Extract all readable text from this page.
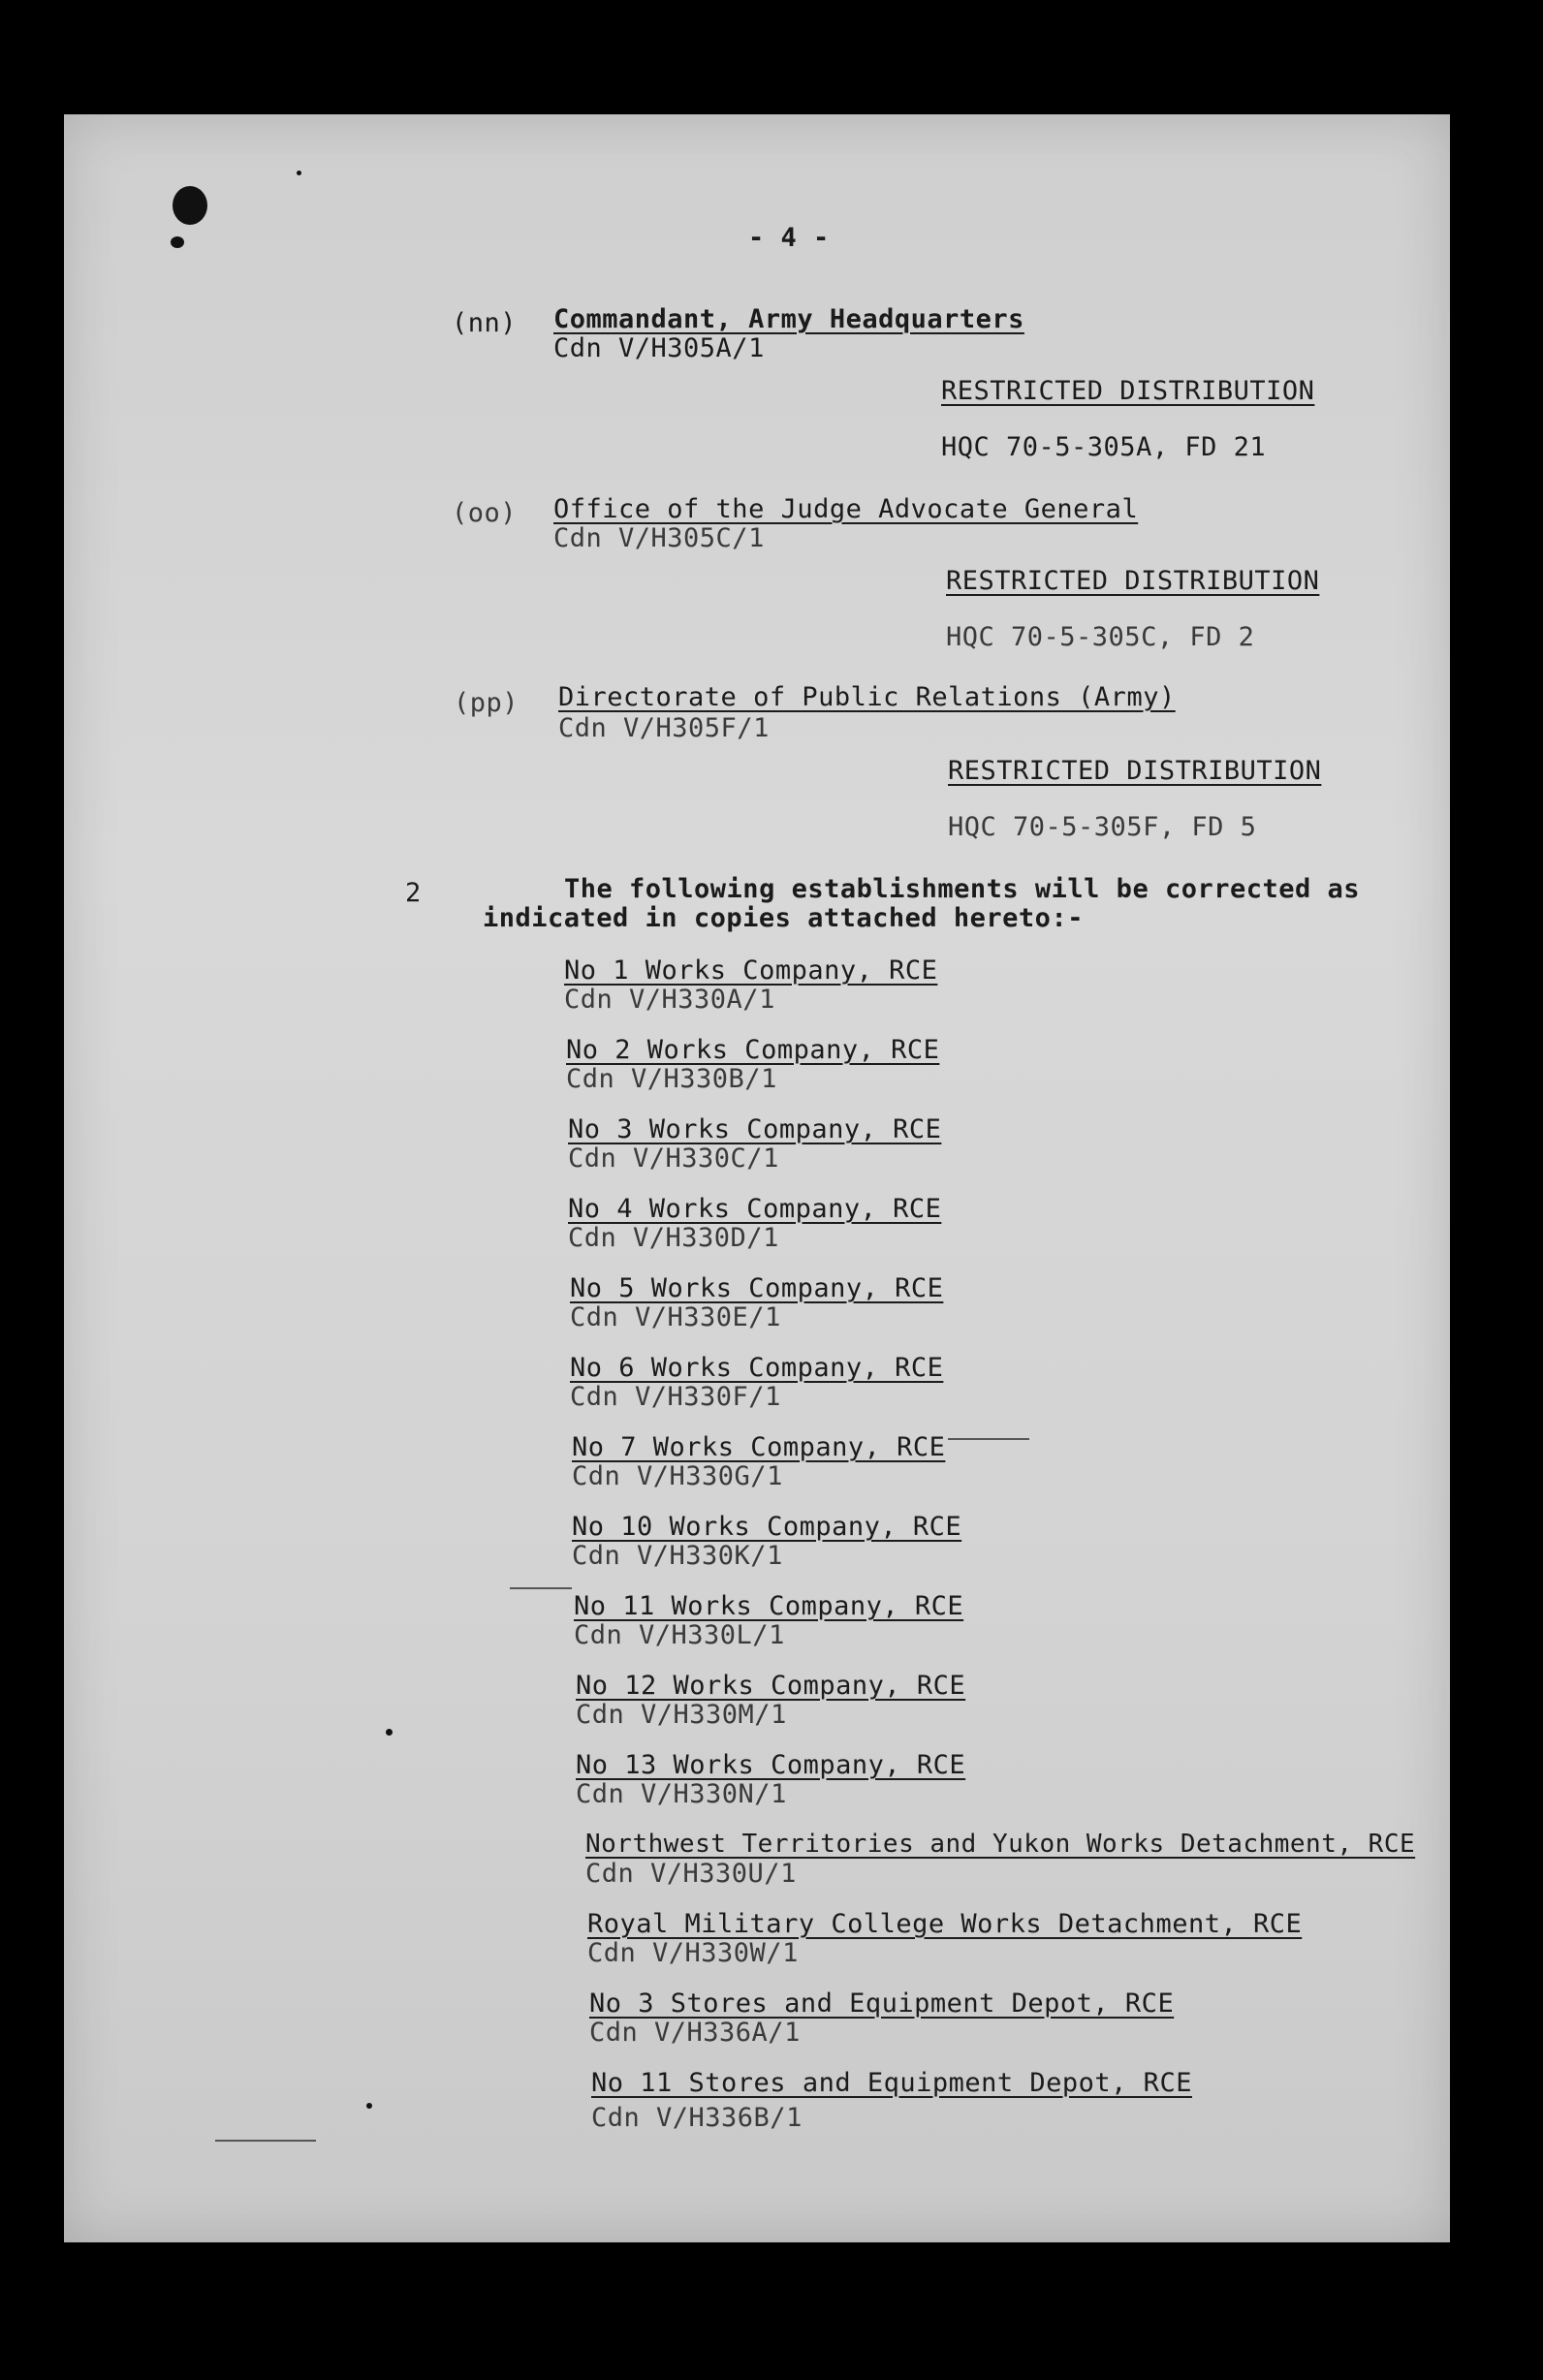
- 4 -
(nn) Commandant, Army Headquarters
Cdn V/H305A/1
RESTRICTED DISTRIBUTION
HQC 70-5-305A, FD 21
(oo) Office of the Judge Advocate General
Cdn V/H305C/1
RESTRICTED DISTRIBUTION
HQC 70-5-305C, FD 2
(pp) Directorate of Public Relations (Army)
Cdn V/H305F/1
RESTRICTED DISTRIBUTION
HQC 70-5-305F, FD 5
2	The following establishments will be corrected as
indicated in copies attached hereto:-
No 1 Works Company, RCE
Cdn V/H330A/1
No 2 Works Company, RCE
Cdn V/H330B/1
No 3 Works Company, RCE
Cdn V/H330C/1
No 4 Works Company, RCE
Cdn V/H330D/1
No 5 Works Company, RCE
Cdn V/H330E/1
No 6 Works Company, RCE
Cdn V/H330F/1
No 7 Works Company, RCE
Cdn V/H330G/1
No 10 Works Company, RCE
Cdn V/H330K/1
No 11 Works Company, RCE
Cdn V/H330L/1
No 12 Works Company, RCE
Cdn V/H330M/1
No 13 Works Company, RCE
Cdn V/H330N/1
Northwest Territories and Yukon Works Detachment, RCE
Cdn V/H330U/1
Royal Military College Works Detachment, RCE
Cdn V/H330W/1
No 3 Stores and Equipment Depot, RCE
Cdn V/H336A/1
No 11 Stores and Equipment Depot, RCE
Cdn V/H336B/1
